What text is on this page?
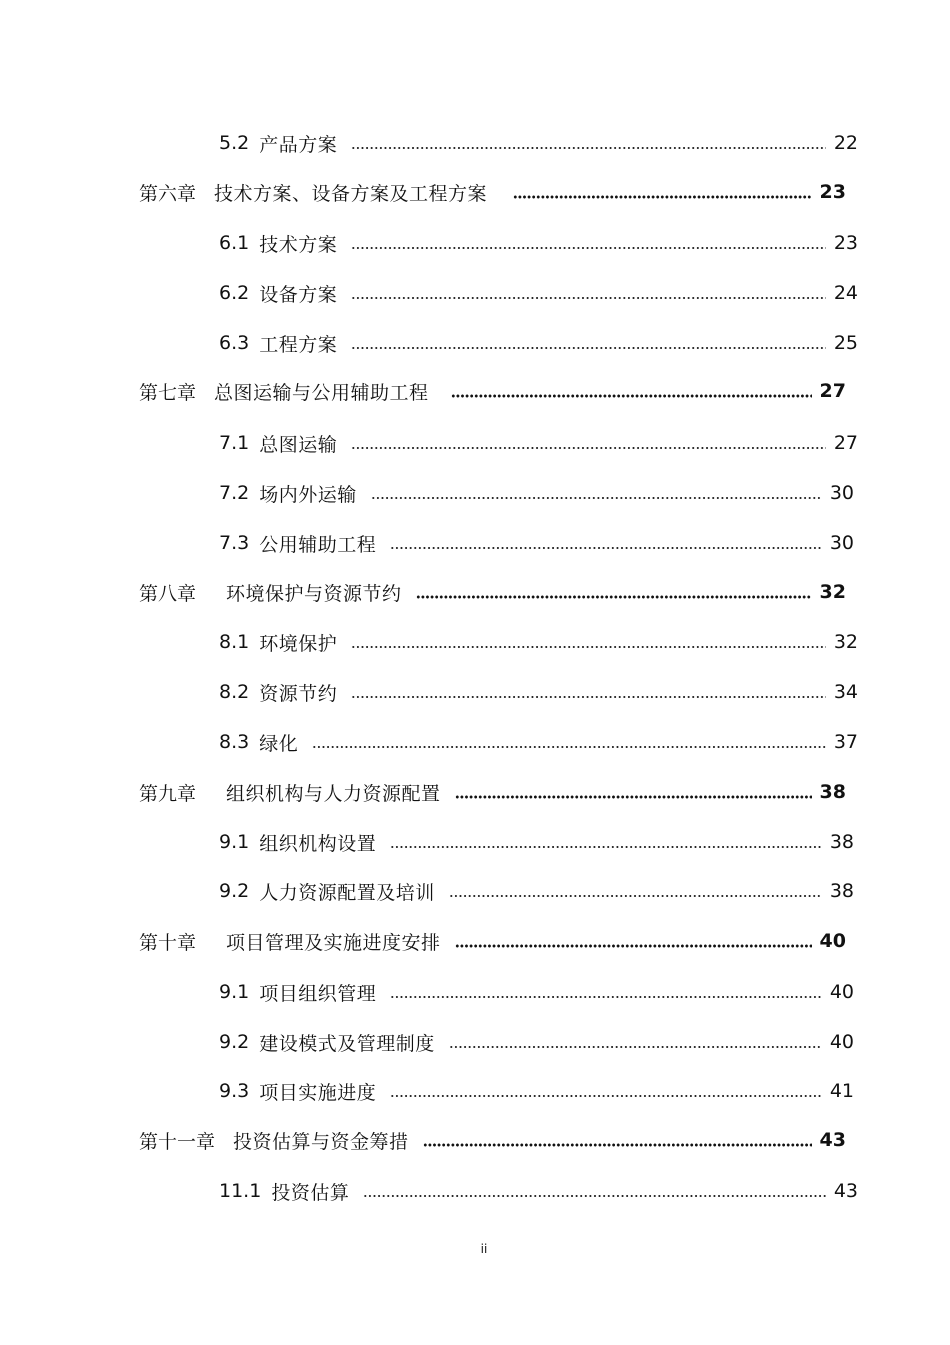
5.2 产品方案	22
第六章 技术方案、设备方案及工程方案	23
6.1 技术方案	23
6.2 设备方案	24
6.3 工程方案	25
第七章 总图运输与公用辅助工程	27
7.1 总图运输	27
7.2 场内外运输	30
7.3 公用辅助工程	30
第八章 环境保护与资源节约	32
8.1 环境保护	32
8.2 资源节约	34
8.3 绿化	37
第九章 组织机构与人力资源配置	38
9.1 组织机构设置	38
9.2 人力资源配置及培训	38
第十章 项目管理及实施进度安排	40
9.1 项目组织管理	40
9.2 建设模式及管理制度	40
9.3 项目实施进度	41
第十一章 投资估算与资金筹措	43
11.1 投资估算	43
ii
